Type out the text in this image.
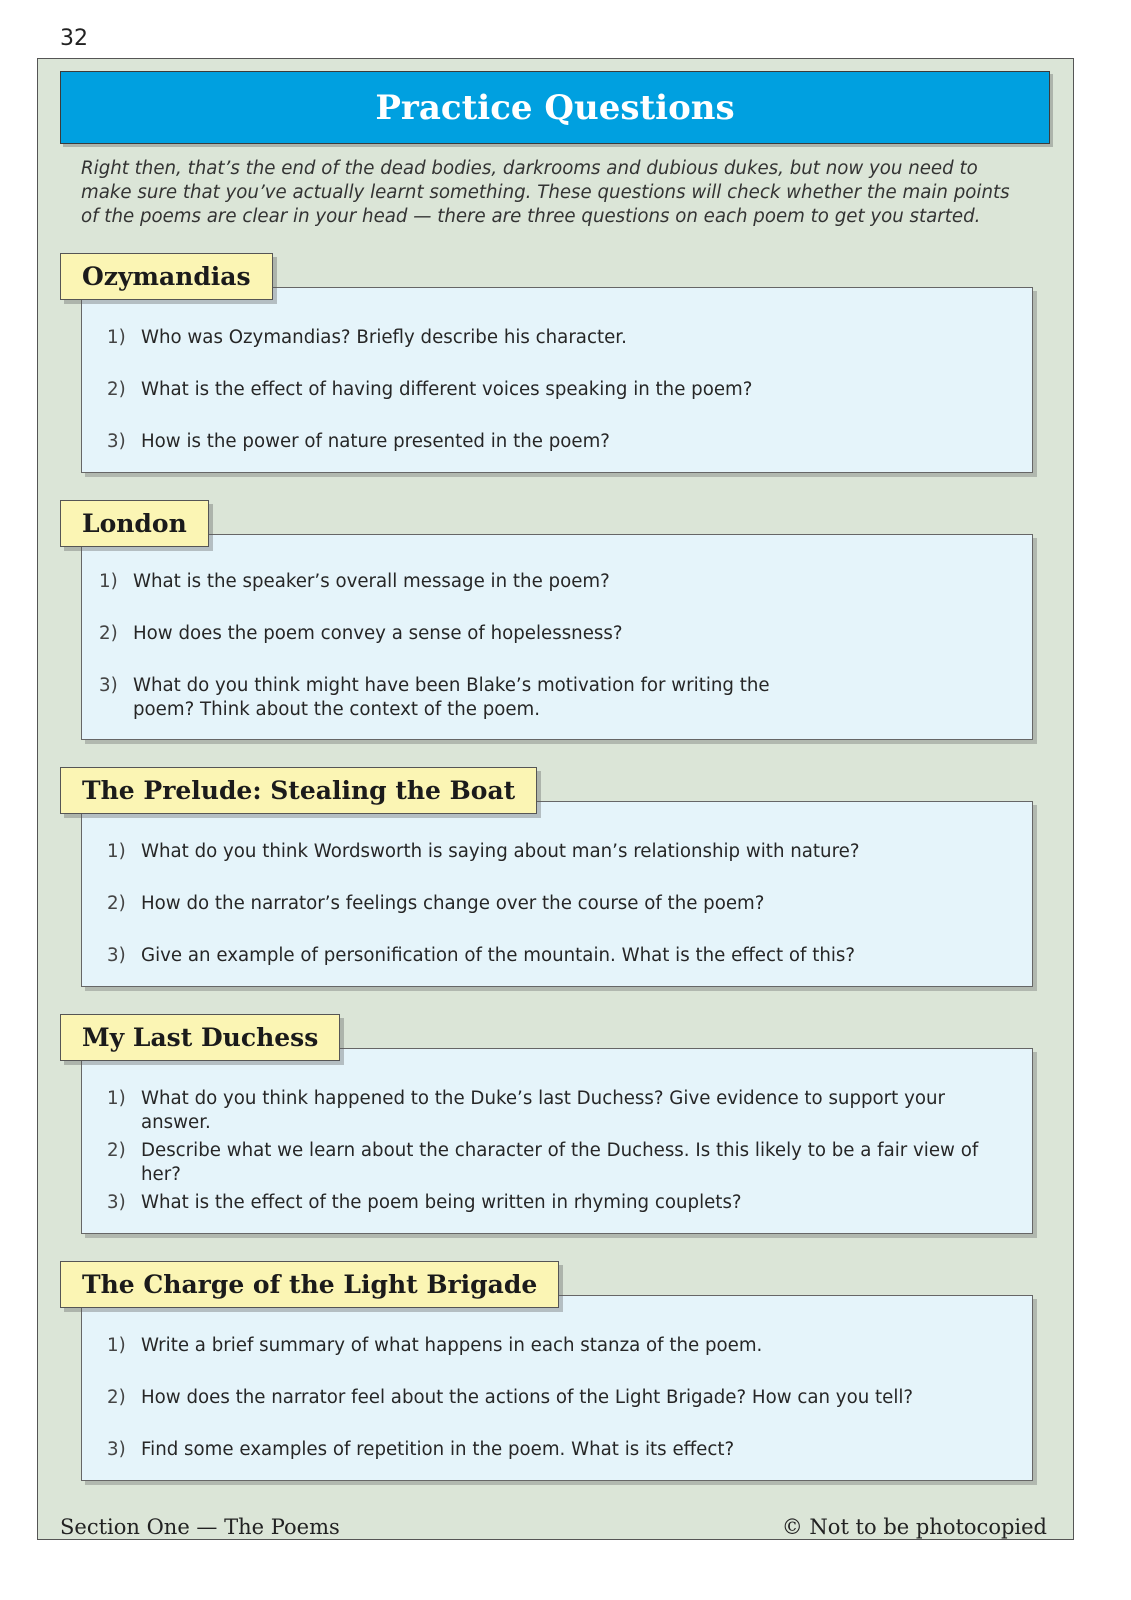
32
Practice Questions

Right then, that’s the end of the dead bodies, darkrooms and dubious dukes, but now you need to make sure that you’ve actually learnt something. These questions will check whether the main points of the poems are clear in your head — there are three questions on each poem to get you started.

Ozymandias
1) Who was Ozymandias? Briefly describe his character.
2) What is the effect of having different voices speaking in the poem?
3) How is the power of nature presented in the poem?
London
1) What is the speaker’s overall message in the poem?
2) How does the poem convey a sense of hopelessness?
3) What do you think might have been Blake’s motivation for writing the poem? Think about the context of the poem.
The Prelude: Stealing the Boat
1) What do you think Wordsworth is saying about man’s relationship with nature?
2) How do the narrator’s feelings change over the course of the poem?
3) Give an example of personification of the mountain. What is the effect of this?
My Last Duchess
1) What do you think happened to the Duke’s last Duchess? Give evidence to support your answer.
2) Describe what we learn about the character of the Duchess. Is this likely to be a fair view of her?
3) What is the effect of the poem being written in rhyming couplets?
The Charge of the Light Brigade
1) Write a brief summary of what happens in each stanza of the poem.
2) How does the narrator feel about the actions of the Light Brigade? How can you tell?
3) Find some examples of repetition in the poem. What is its effect?
Section One — The Poems	© Not to be photocopied
